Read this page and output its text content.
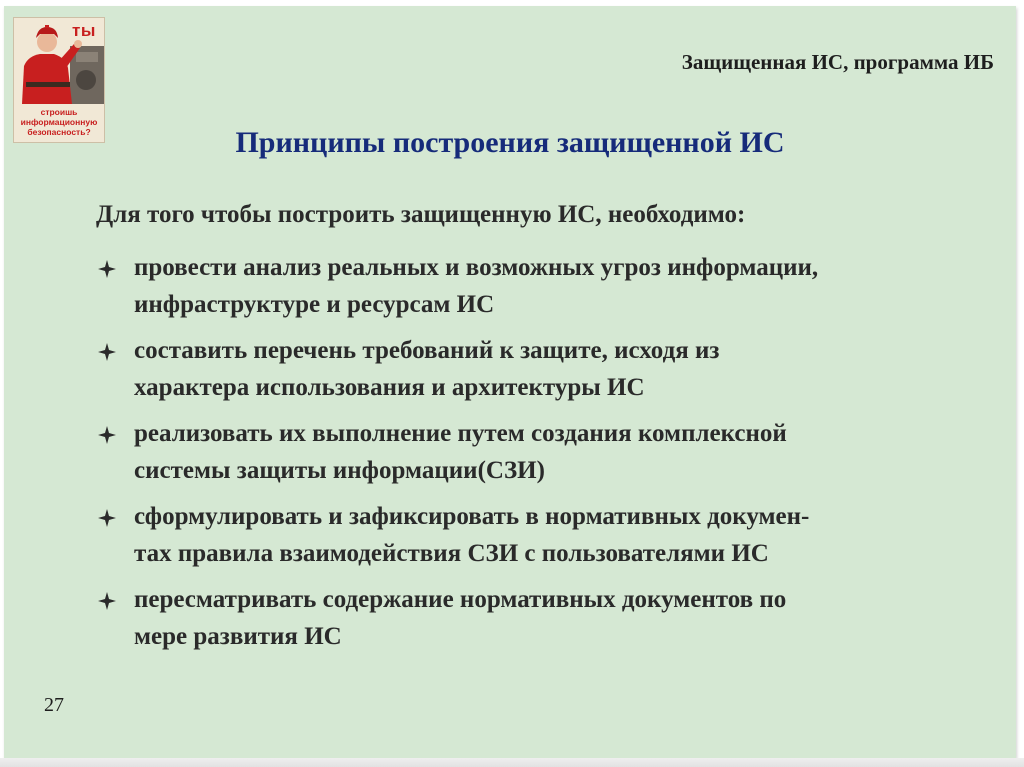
ты
строишь
информационную
безопасность?
Защищенная ИС, программа ИБ
Принципы построения защищенной ИС
Для того чтобы построить защищенную ИС, необходимо:
провести анализ реальных и возможных угроз информации,
инфраструктуре и ресурсам ИС
составить перечень требований к защите, исходя из
характера использования и архитектуры ИС
реализовать их выполнение путем создания комплексной
системы защиты информации(СЗИ)
сформулировать и зафиксировать в нормативных докумен-
тах правила взаимодействия СЗИ с пользователями ИС
пересматривать содержание нормативных документов по
мере развития ИС
27
